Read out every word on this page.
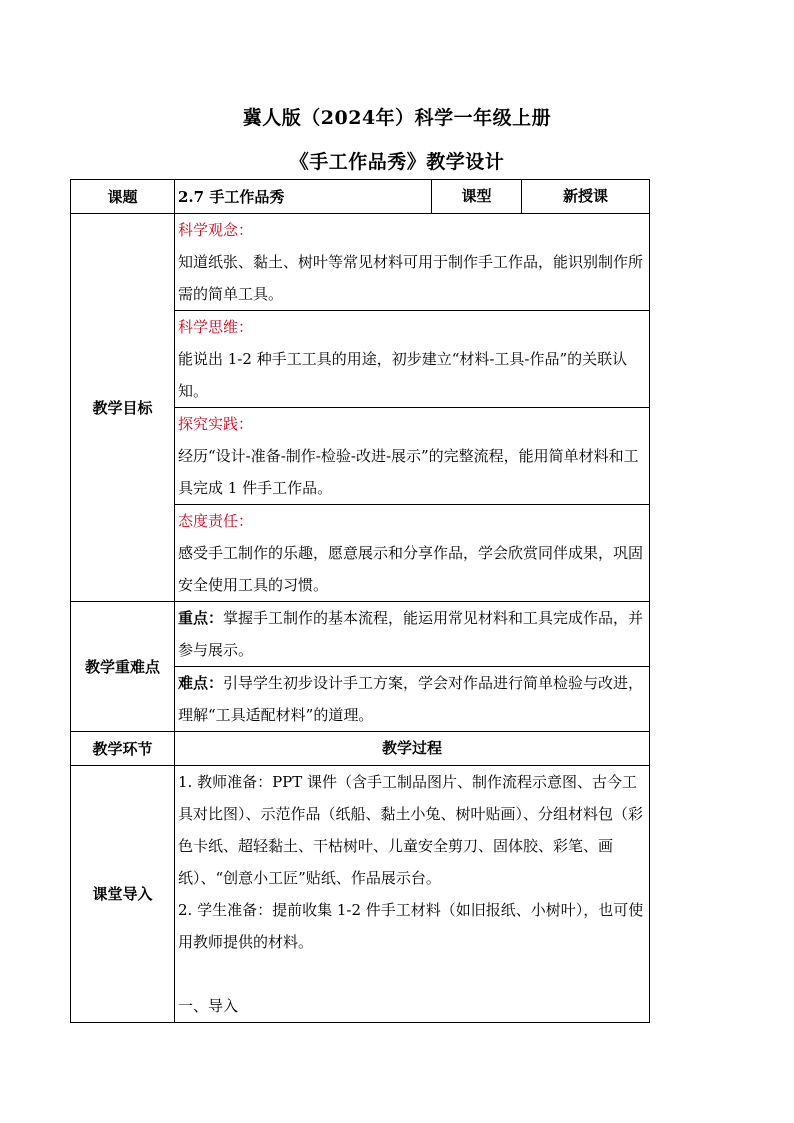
冀人版（2024年）科学一年级上册
《手工作品秀》教学设计
课题	2.7 手工作品秀	课型	新授课
教学目标	科学观念：
知道纸张、黏土、树叶等常见材料可用于制作手工作品，能识别制作所需的简单工具。		

	科学思维：
能说出 1-2 种手工工具的用途，初步建立“材料-工具-作品”的关联认知。		

	探究实践：
经历“设计-准备-制作-检验-改进-展示”的完整流程，能用简单材料和工具完成 1 件手工作品。		

	态度责任：
感受手工制作的乐趣，愿意展示和分享作品，学会欣赏同伴成果，巩固安全使用工具的习惯。		

教学重难点	重点：掌握手工制作的基本流程，能运用常见材料和工具完成作品，并参与展示。		
	难点：引导学生初步设计手工方案，学会对作品进行简单检验与改进，理解“工具适配材料”的道理。		
教学环节	教学过程		
课堂导入	1. 教师准备：PPT 课件（含手工制品图片、制作流程示意图、古今工具对比图）、示范作品（纸船、黏土小兔、树叶贴画）、分组材料包（彩色卡纸、超轻黏土、干枯树叶、儿童安全剪刀、固体胶、彩笔、画纸）、“创意小工匠”贴纸、作品展示台。
2. 学生准备：提前收集 1-2 件手工材料（如旧报纸、小树叶），也可使用教师提供的材料。
一、导入		
